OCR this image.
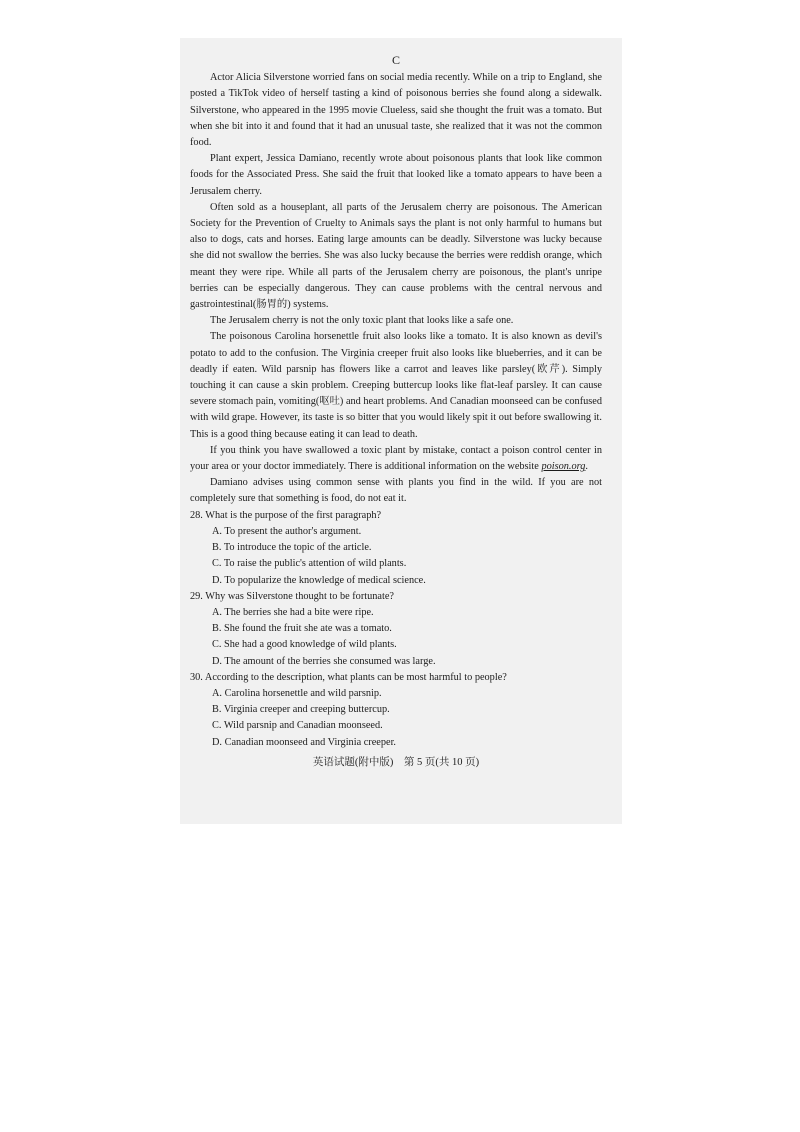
C

Actor Alicia Silverstone worried fans on social media recently. While on a trip to England, she posted a TikTok video of herself tasting a kind of poisonous berries she found along a sidewalk. Silverstone, who appeared in the 1995 movie Clueless, said she thought the fruit was a tomato. But when she bit into it and found that it had an unusual taste, she realized that it was not the common food.

Plant expert, Jessica Damiano, recently wrote about poisonous plants that look like common foods for the Associated Press. She said the fruit that looked like a tomato appears to have been a Jerusalem cherry.

Often sold as a houseplant, all parts of the Jerusalem cherry are poisonous. The American Society for the Prevention of Cruelty to Animals says the plant is not only harmful to humans but also to dogs, cats and horses. Eating large amounts can be deadly. Silverstone was lucky because she did not swallow the berries. She was also lucky because the berries were reddish orange, which meant they were ripe. While all parts of the Jerusalem cherry are poisonous, the plant's unripe berries can be especially dangerous. They can cause problems with the central nervous and gastrointestinal(肠胃的) systems.

The Jerusalem cherry is not the only toxic plant that looks like a safe one.

The poisonous Carolina horsenettle fruit also looks like a tomato. It is also known as devil's potato to add to the confusion. The Virginia creeper fruit also looks like blueberries, and it can be deadly if eaten. Wild parsnip has flowers like a carrot and leaves like parsley(欧芹). Simply touching it can cause a skin problem. Creeping buttercup looks like flat-leaf parsley. It can cause severe stomach pain, vomiting(呕吐) and heart problems. And Canadian moonseed can be confused with wild grape. However, its taste is so bitter that you would likely spit it out before swallowing it. This is a good thing because eating it can lead to death.

If you think you have swallowed a toxic plant by mistake, contact a poison control center in your area or your doctor immediately. There is additional information on the website poison.org.

Damiano advises using common sense with plants you find in the wild. If you are not completely sure that something is food, do not eat it.

28. What is the purpose of the first paragraph?

A. To present the author's argument.

B. To introduce the topic of the article.

C. To raise the public's attention of wild plants.

D. To popularize the knowledge of medical science.

29. Why was Silverstone thought to be fortunate?

A. The berries she had a bite were ripe.

B. She found the fruit she ate was a tomato.

C. She had a good knowledge of wild plants.

D. The amount of the berries she consumed was large.

30. According to the description, what plants can be most harmful to people?

A. Carolina horsenettle and wild parsnip.

B. Virginia creeper and creeping buttercup.

C. Wild parsnip and Canadian moonseed.

D. Canadian moonseed and Virginia creeper.

英语试题(附中版)　第 5 页(共 10 页)
